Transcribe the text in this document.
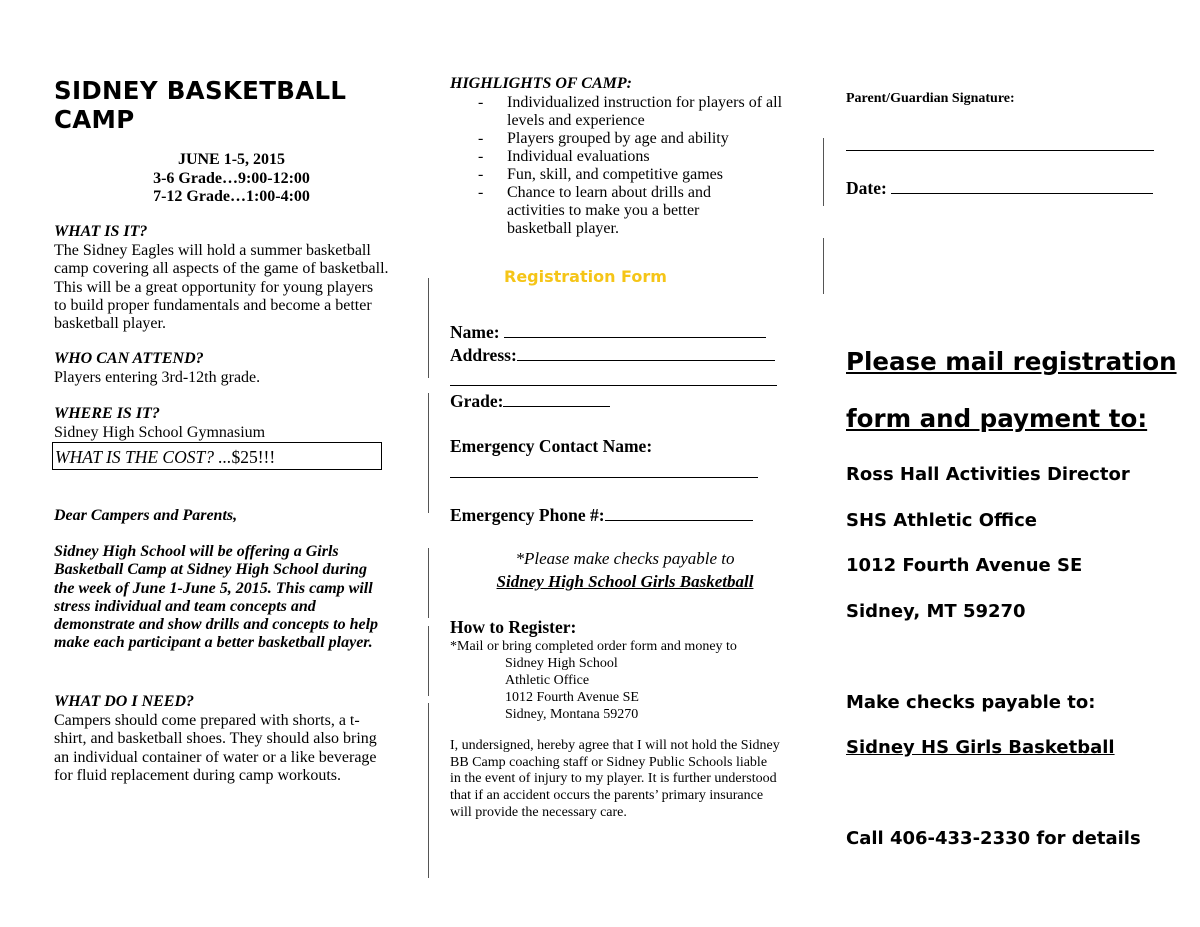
SIDNEY BASKETBALL CAMP
JUNE 1-5, 2015
3-6 Grade…9:00-12:00
7-12 Grade…1:00-4:00
WHAT IS IT?
The Sidney Eagles will hold a summer basketball camp covering all aspects of the game of basketball. This will be a great opportunity for young players to build proper fundamentals and become a better basketball player.
WHO CAN ATTEND?
Players entering 3rd-12th grade.
WHERE IS IT?
Sidney High School Gymnasium
WHAT IS THE COST? ...$25!!!
Dear Campers and Parents,
Sidney High School will be offering a Girls Basketball Camp at Sidney High School during the week of June 1-June 5, 2015. This camp will stress individual and team concepts and demonstrate and show drills and concepts to help make each participant a better basketball player.
WHAT DO I NEED?
Campers should come prepared with shorts, a t-shirt, and basketball shoes. They should also bring an individual container of water or a like beverage for fluid replacement during camp workouts.
HIGHLIGHTS OF CAMP:
- Individualized instruction for players of all levels and experience
- Players grouped by age and ability
- Individual evaluations
- Fun, skill, and competitive games
- Chance to learn about drills and activities to make you a better basketball player.
Registration Form
Name:
Address:
Grade:
Emergency Contact Name:
Emergency Phone #:
*Please make checks payable to
Sidney High School Girls Basketball
How to Register:
*Mail or bring completed order form and money to
Sidney High School
Athletic Office
1012 Fourth Avenue SE
Sidney, Montana 59270
I, undersigned, hereby agree that I will not hold the Sidney BB Camp coaching staff or Sidney Public Schools liable in the event of injury to my player. It is further understood that if an accident occurs the parents’ primary insurance will provide the necessary care.
Parent/Guardian Signature:
Date:
Please mail registration
form and payment to:
Ross Hall Activities Director
SHS Athletic Office
1012 Fourth Avenue SE
Sidney, MT 59270
Make checks payable to:
Sidney HS Girls Basketball
Call 406-433-2330 for details
